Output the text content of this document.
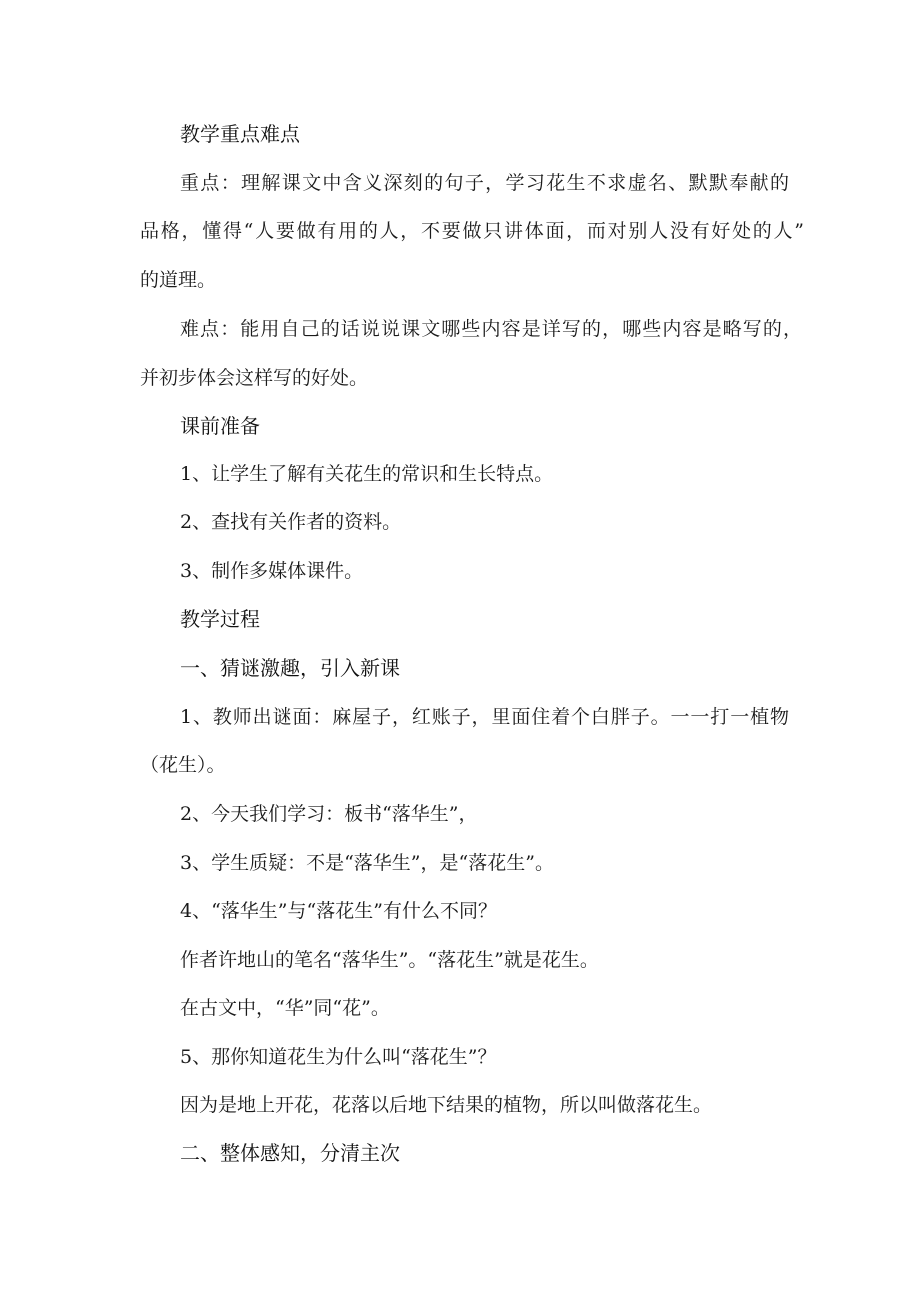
教学重点难点
重点：理解课文中含义深刻的句子，学习花生不求虚名、默默奉献的
品格，懂得“人要做有用的人，不要做只讲体面，而对别人没有好处的人”
的道理。
难点：能用自己的话说说课文哪些内容是详写的，哪些内容是略写的，
并初步体会这样写的好处。
课前准备
1、让学生了解有关花生的常识和生长特点。
2、查找有关作者的资料。
3、制作多媒体课件。
教学过程
一、猜谜激趣，引入新课
1、教师出谜面：麻屋子，红账子，里面住着个白胖子。一一打一植物
（花生）。
2、今天我们学习：板书“落华生”，
3、学生质疑：不是“落华生”，是“落花生”。
4、“落华生”与“落花生”有什么不同？
作者许地山的笔名“落华生”。“落花生”就是花生。
在古文中，“华”同“花”。
5、那你知道花生为什么叫“落花生”？
因为是地上开花，花落以后地下结果的植物，所以叫做落花生。
二、整体感知，分清主次
